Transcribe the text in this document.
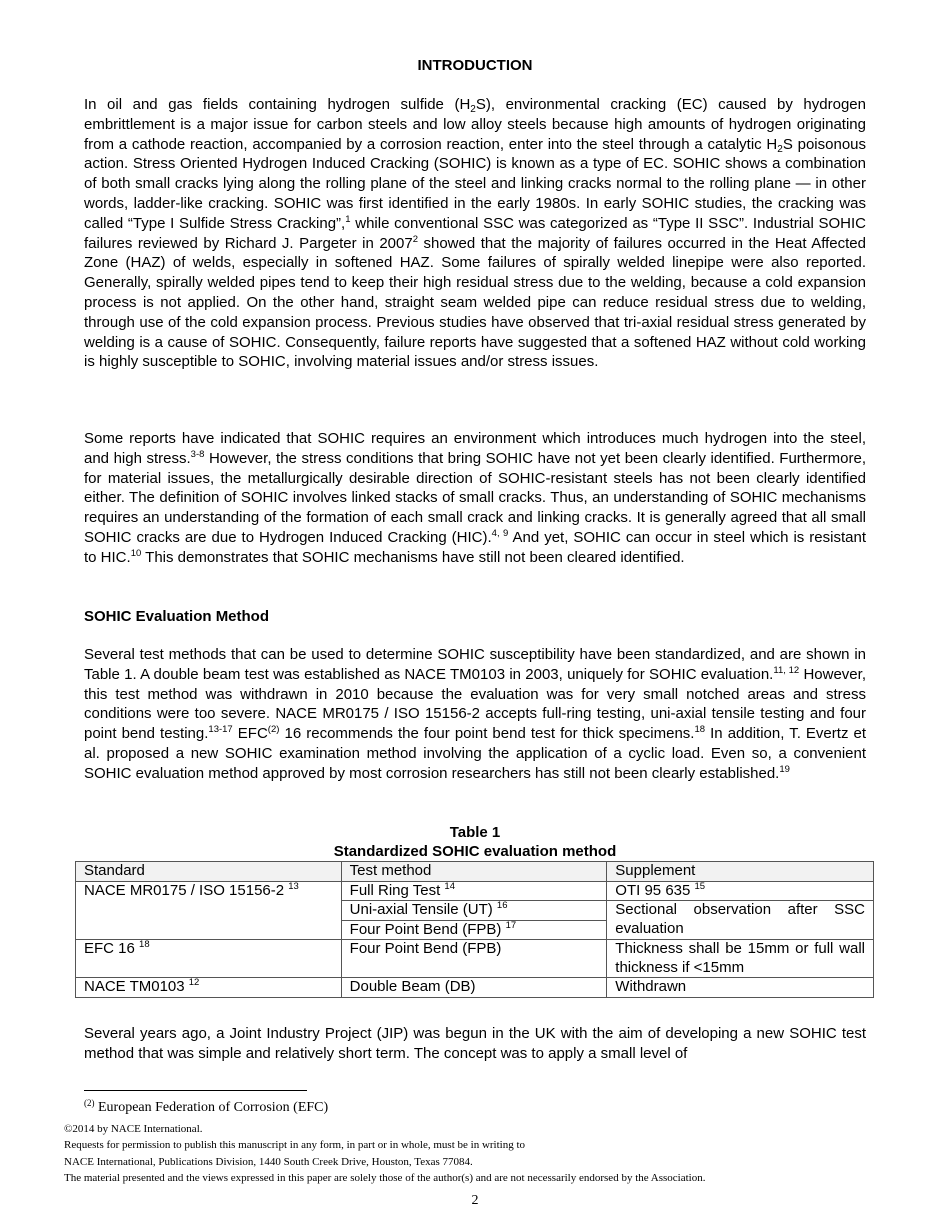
INTRODUCTION

In oil and gas fields containing hydrogen sulfide $(H_2S)$, environmental cracking (EC) caused by hydrogen embrittlement is a major issue for carbon steels and low alloy steels because high amounts of hydrogen originating from a cathode reaction, accompanied by a corrosion reaction, enter into the steel through a catalytic $H_2S$ poisonous action. Stress Oriented Hydrogen Induced Cracking (SOHIC) is known as a type of EC. SOHIC shows a combination of both small cracks lying along the rolling plane of the steel and linking cracks normal to the rolling plane — in other words, ladder-like cracking. SOHIC was first identified in the early 1980s. In early SOHIC studies, the cracking was called “Type I Sulfide Stress Cracking”,$^1$ while conventional SSC was categorized as “Type II SSC”. Industrial SOHIC failures reviewed by Richard J. Pargeter in 2007$^2$ showed that the majority of failures occurred in the Heat Affected Zone (HAZ) of welds, especially in softened HAZ. Some failures of spirally welded linepipe were also reported. Generally, spirally welded pipes tend to keep their high residual stress due to the welding, because a cold expansion process is not applied. On the other hand, straight seam welded pipe can reduce residual stress due to welding, through use of the cold expansion process. Previous studies have observed that tri-axial residual stress generated by welding is a cause of SOHIC. Consequently, failure reports have suggested that a softened HAZ without cold working is highly susceptible to SOHIC, involving material issues and/or stress issues.

Some reports have indicated that SOHIC requires an environment which introduces much hydrogen into the steel, and high stress.$^{3-8}$ However, the stress conditions that bring SOHIC have not yet been clearly identified. Furthermore, for material issues, the metallurgically desirable direction of SOHIC-resistant steels has not been clearly identified either. The definition of SOHIC involves linked stacks of small cracks. Thus, an understanding of SOHIC mechanisms requires an understanding of the formation of each small crack and linking cracks. It is generally agreed that all small SOHIC cracks are due to Hydrogen Induced Cracking (HIC).$^{4, 9}$ And yet, SOHIC can occur in steel which is resistant to HIC.$^{10}$ This demonstrates that SOHIC mechanisms have still not been cleared identified.

SOHIC Evaluation Method

Several test methods that can be used to determine SOHIC susceptibility have been standardized, and are shown in Table 1. A double beam test was established as NACE TM0103 in 2003, uniquely for SOHIC evaluation.$^{11, 12}$ However, this test method was withdrawn in 2010 because the evaluation was for very small notched areas and stress conditions were too severe. NACE MR0175 / ISO 15156-2 accepts full-ring testing, uni-axial tensile testing and four point bend testing.$^{13-17}$ EFC$^{(2)}$ 16 recommends the four point bend test for thick specimens.$^{18}$ In addition, T. Evertz et al. proposed a new SOHIC examination method involving the application of a cyclic load. Even so, a convenient SOHIC evaluation method approved by most corrosion researchers has still not been clearly established.$^{19}$

Table 1
Standardized SOHIC evaluation method
Standard	Test method	Supplement
NACE MR0175 / ISO 15156-2 $^{13}$	Full Ring Test $^{14}$	OTI 95 635 $^{15}$
	Uni-axial Tensile (UT) $^{16}$	Sectional observation after SSC evaluation
	Four Point Bend (FPB) $^{17}$
EFC 16 $^{18}$	Four Point Bend (FPB)	Thickness shall be 15mm or full wall thickness if <15mm
NACE TM0103 $^{12}$	Double Beam (DB)	Withdrawn

Several years ago, a Joint Industry Project (JIP) was begun in the UK with the aim of developing a new SOHIC test method that was simple and relatively short term. The concept was to apply a small level of

$^{(2)}$ European Federation of Corrosion (EFC)
©2014 by NACE International.
Requests for permission to publish this manuscript in any form, in part or in whole, must be in writing to
NACE International, Publications Division, 1440 South Creek Drive, Houston, Texas 77084.
The material presented and the views expressed in this paper are solely those of the author(s) and are not necessarily endorsed by the Association.
2
